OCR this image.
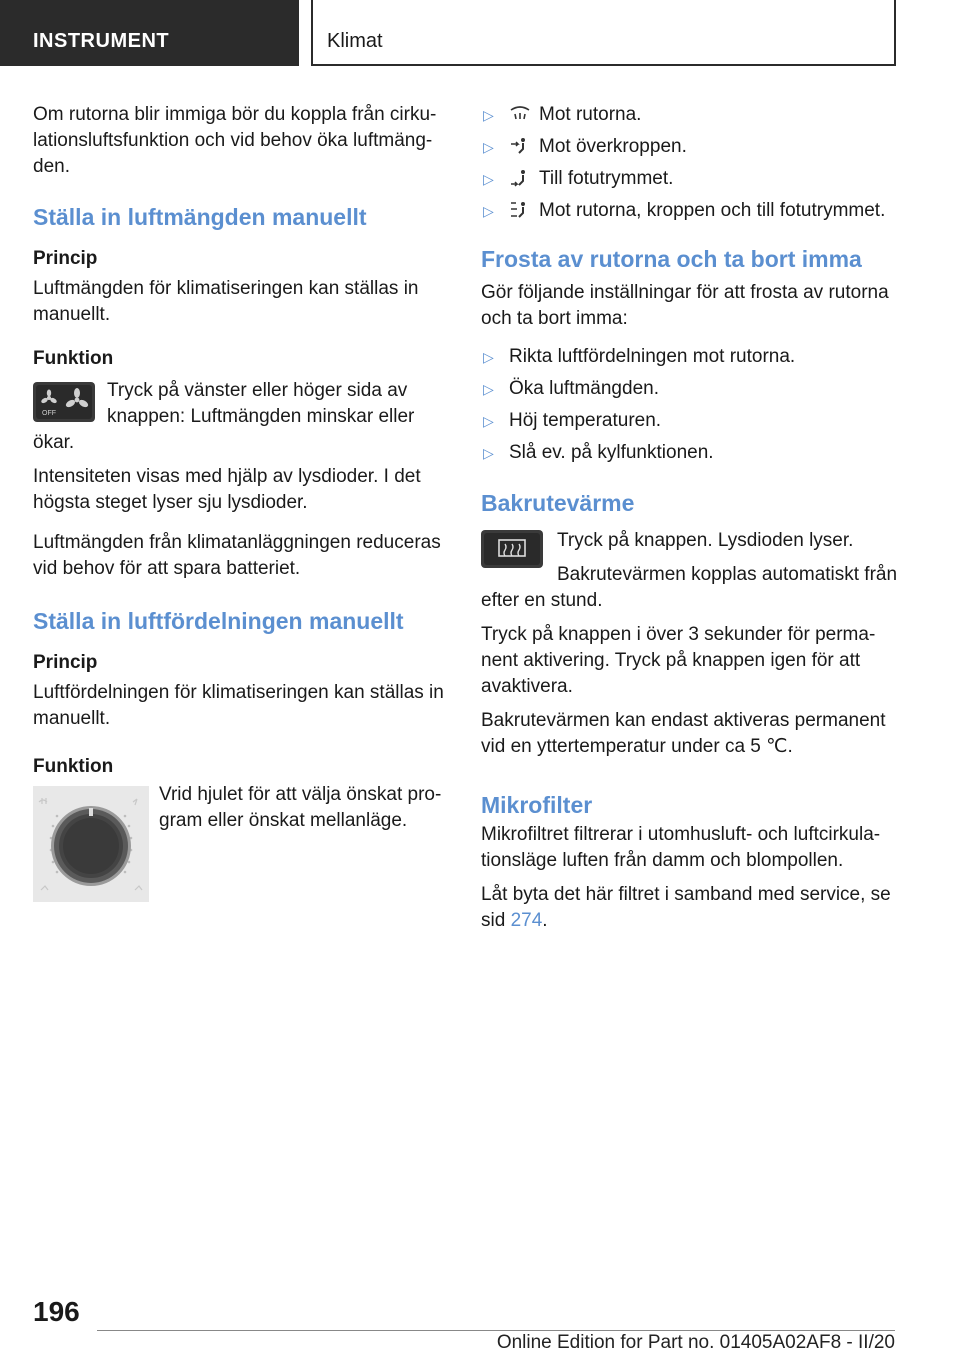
INSTRUMENT	Klimat

Om rutorna blir immiga bör du koppla från cirkulationsluftsfunktion och vid behov öka luftmängden.

Ställa in luftmängden manuellt
Princip

Luftmängden för klimatiseringen kan ställas in manuellt.

Funktion
OFF

Tryck på vänster eller höger sida av knappen: Luftmängden minskar eller ökar.

Intensiteten visas med hjälp av lysdioder. I det högsta steget lyser sju lysdioder.

Luftmängden från klimatanläggningen reduceras vid behov för att spara batteriet.

Ställa in luftfördelningen manuellt
Princip

Luftfördelningen för klimatiseringen kan ställas in manuellt.

Funktion

Vrid hjulet för att välja önskat program eller önskat mellanläge.

▷ Mot rutorna.
▷ Mot överkroppen.
▷ Till fotutrymmet.
▷ Mot rutorna, kroppen och till fotutrymmet.
Frosta av rutorna och ta bort imma

Gör följande inställningar för att frosta av rutorna och ta bort imma:

▷ Rikta luftfördelningen mot rutorna.
▷ Öka luftmängden.
▷ Höj temperaturen.
▷ Slå ev. på kylfunktionen.
Bakrutevärme

Tryck på knappen. Lysdioden lyser.

Bakrutevärmen kopplas automatiskt från efter en stund.

Tryck på knappen i över 3 sekunder för permanent aktivering. Tryck på knappen igen för att avaktivera.

Bakrutevärmen kan endast aktiveras permanent vid en yttertemperatur under ca 5 ℃.

Mikrofilter

Mikrofiltret filtrerar i utomhusluft- och luftcirkulationsläge luften från damm och blompollen.

Låt byta det här filtret i samband med service, se sid 274.

196
Online Edition for Part no. 01405A02AF8 - II/20
